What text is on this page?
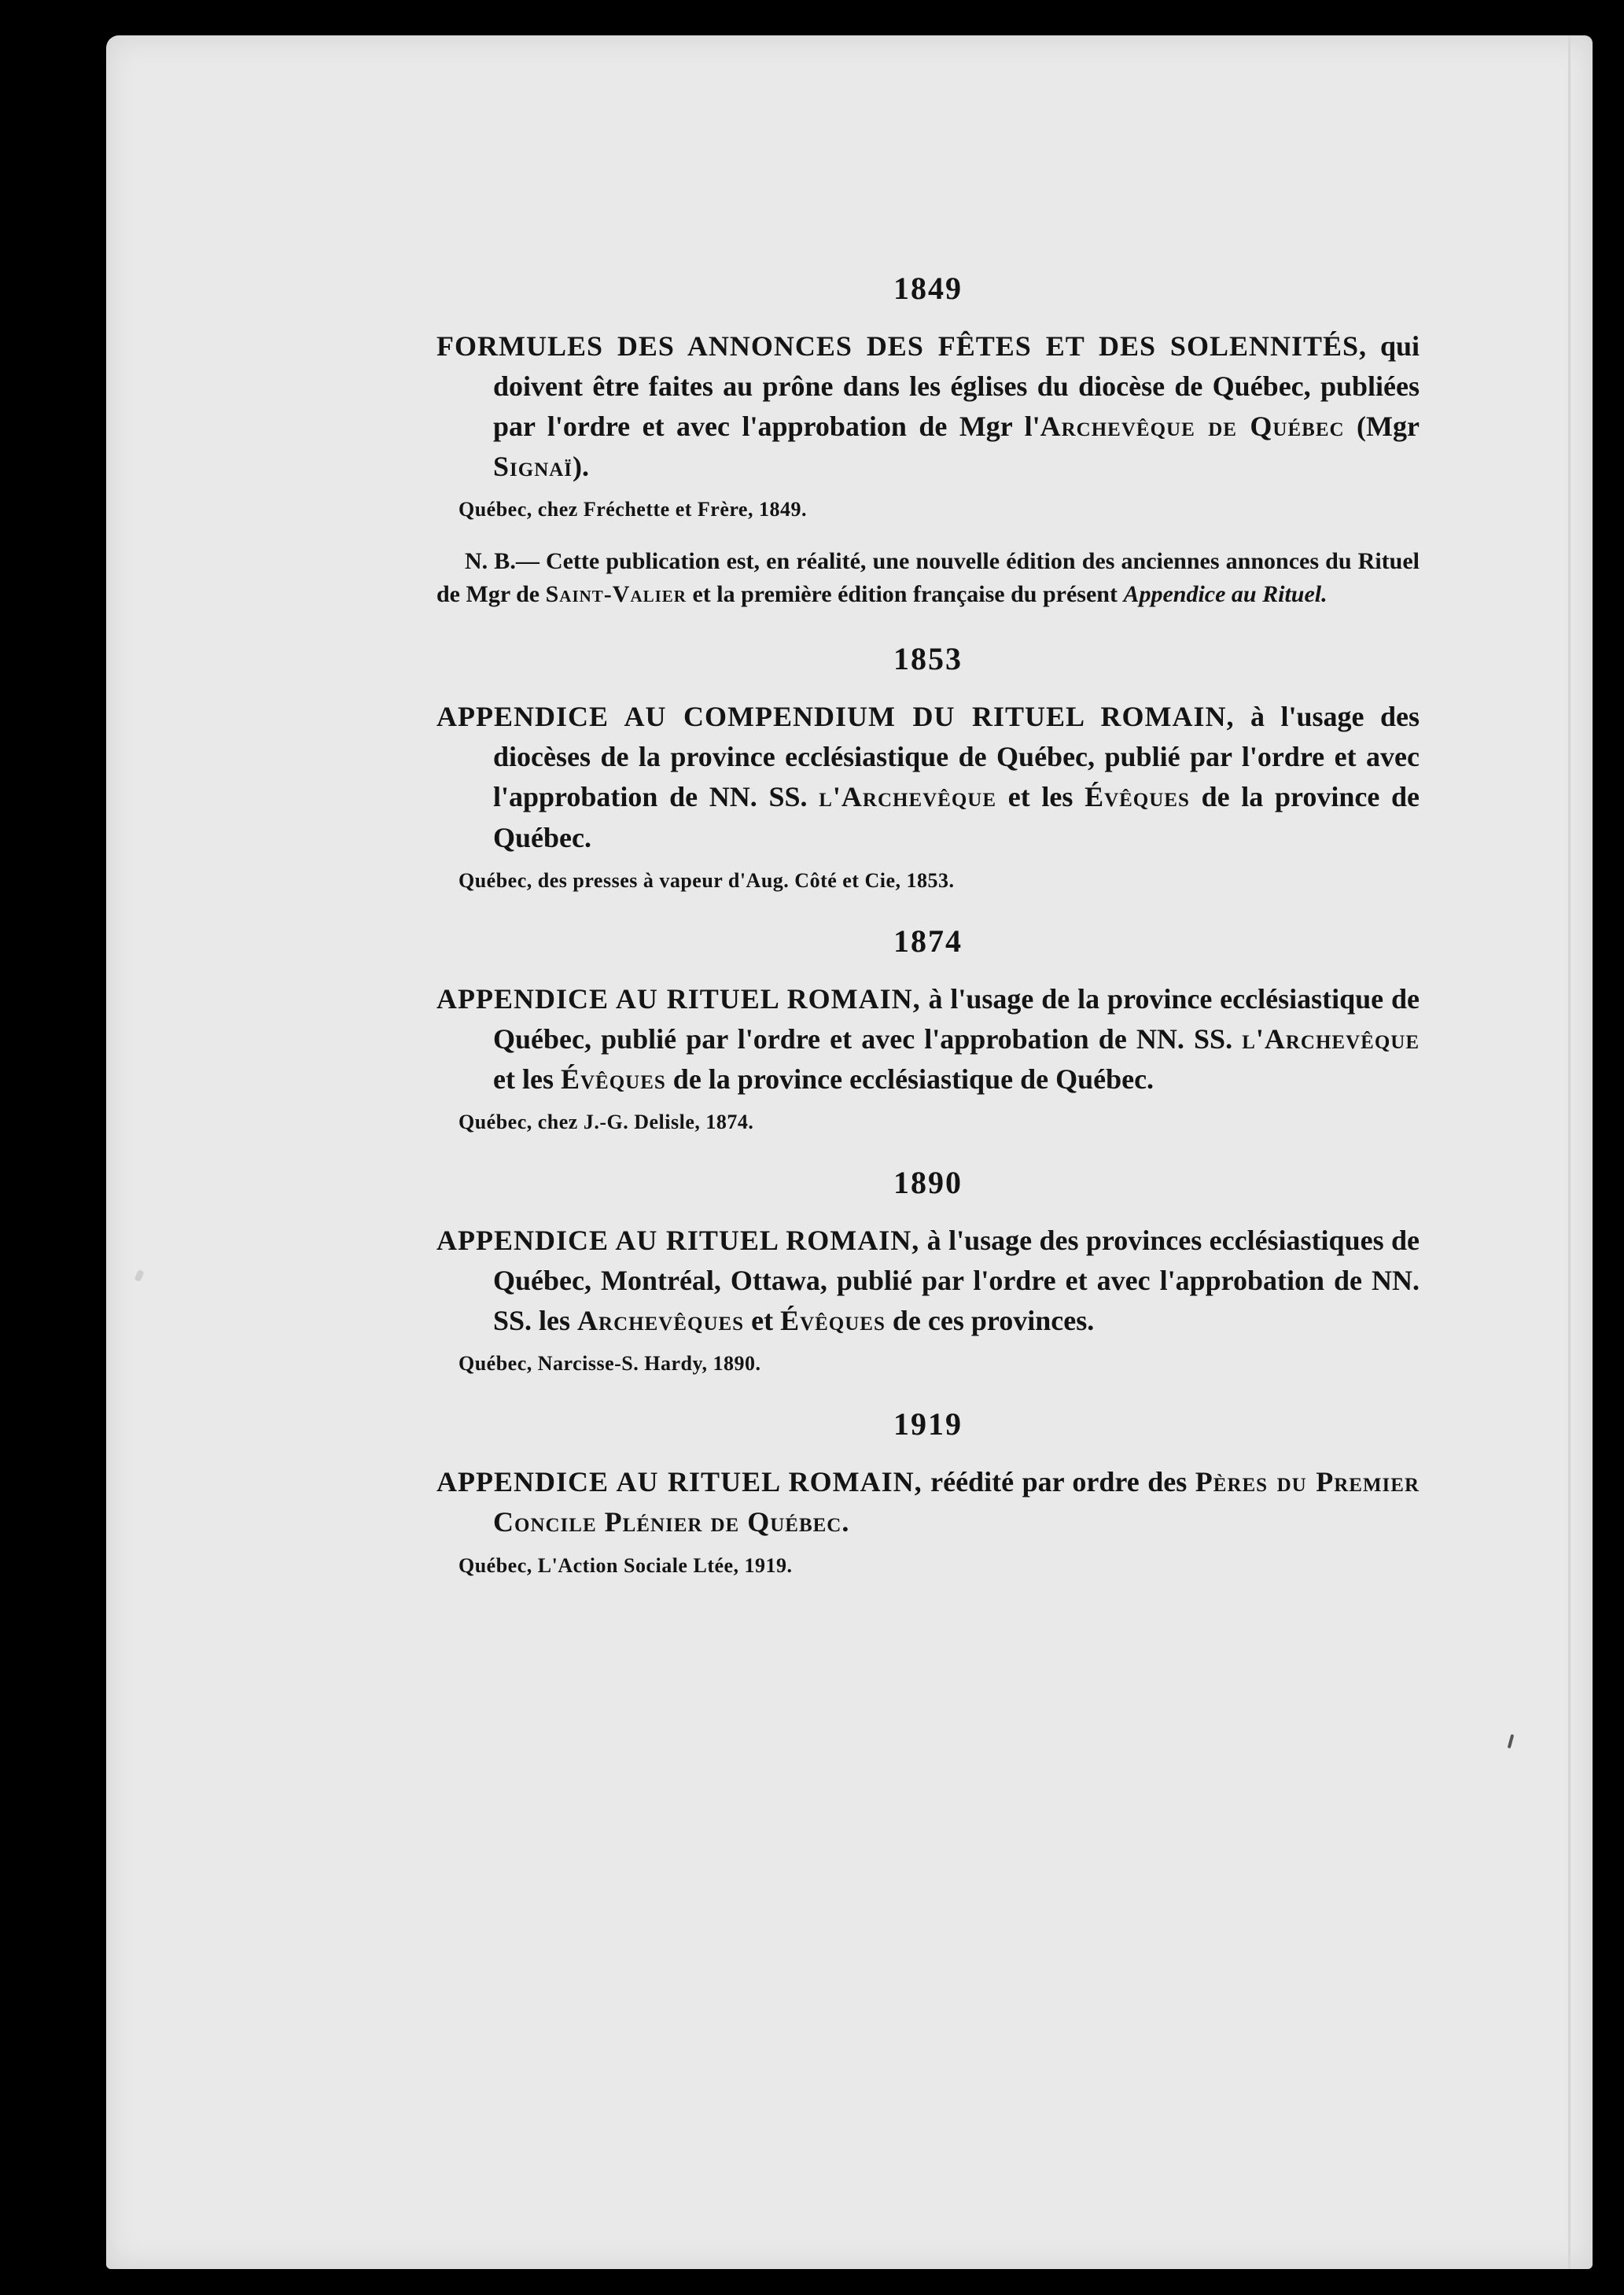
1849

FORMULES DES ANNONCES DES FÊTES ET DES SOLENNITÉS, qui doivent être faites au prône dans les églises du diocèse de Québec, publiées par l'ordre et avec l'approbation de Mgr l'Archevêque de Québec (Mgr Signaï).

Québec, chez Fréchette et Frère, 1849.

N. B.— Cette publication est, en réalité, une nouvelle édition des anciennes annonces du Rituel de Mgr de Saint-Valier et la première édition française du présent Appendice au Rituel.

1853

APPENDICE AU COMPENDIUM DU RITUEL ROMAIN, à l'usage des diocèses de la province ecclésiastique de Québec, publié par l'ordre et avec l'approbation de NN. SS. l'Archevêque et les Évêques de la province de Québec.

Québec, des presses à vapeur d'Aug. Côté et Cie, 1853.
1874

APPENDICE AU RITUEL ROMAIN, à l'usage de la province ecclésiastique de Québec, publié par l'ordre et avec l'approbation de NN. SS. l'Archevêque et les Évêques de la province ecclésiastique de Québec.

Québec, chez J.-G. Delisle, 1874.
1890

APPENDICE AU RITUEL ROMAIN, à l'usage des provinces ecclésiastiques de Québec, Montréal, Ottawa, publié par l'ordre et avec l'approbation de NN. SS. les Archevêques et Évêques de ces provinces.

Québec, Narcisse-S. Hardy, 1890.
1919

APPENDICE AU RITUEL ROMAIN, réédité par ordre des Pères du Premier Concile Plénier de Québec.

Québec, L'Action Sociale Ltée, 1919.
